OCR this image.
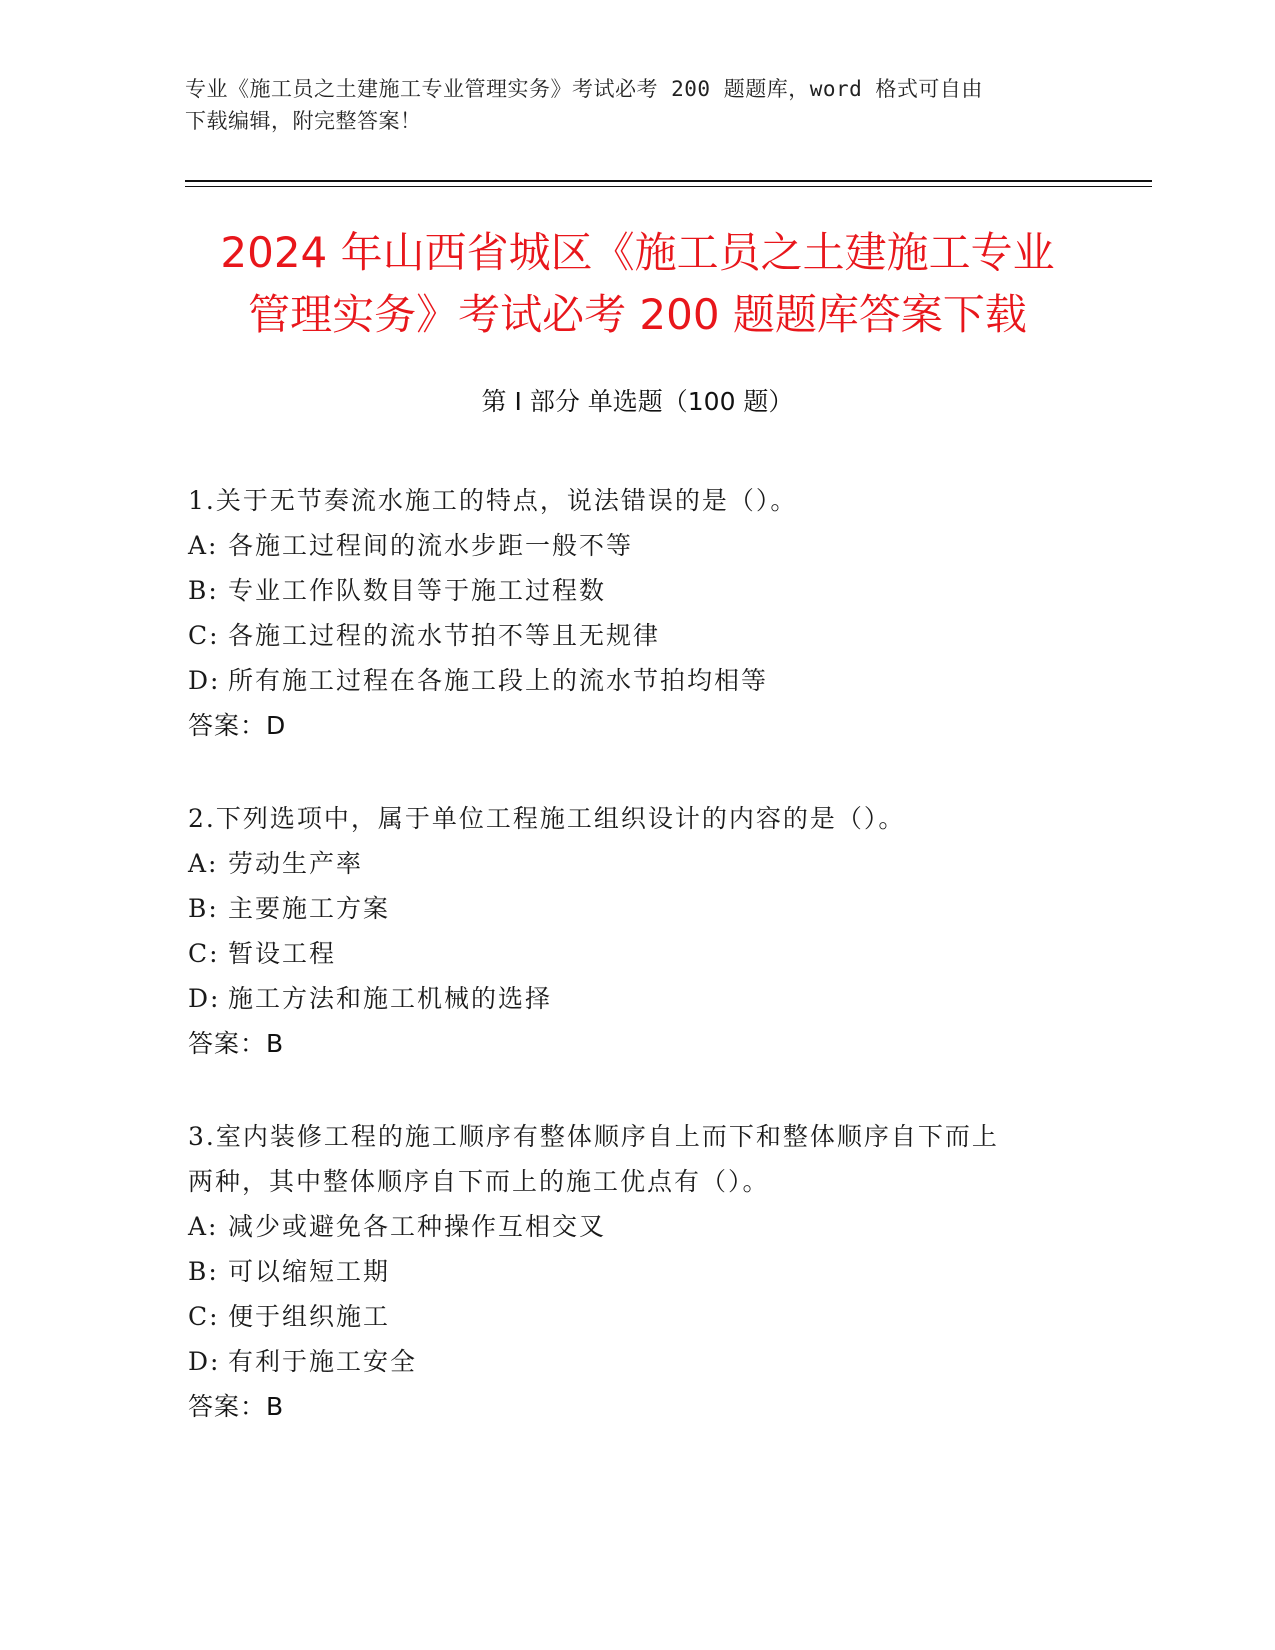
专业《施工员之土建施工专业管理实务》考试必考 200 题题库，word 格式可自由
下载编辑，附完整答案！
2024 年山西省城区《施工员之土建施工专业
管理实务》考试必考 200 题题库答案下载
第 I 部分 单选题（100 题）
1.关于无节奏流水施工的特点，说法错误的是（）。
A: 各施工过程间的流水步距一般不等
B: 专业工作队数目等于施工过程数
C: 各施工过程的流水节拍不等且无规律
D: 所有施工过程在各施工段上的流水节拍均相等
答案：D
2.下列选项中，属于单位工程施工组织设计的内容的是（）。
A: 劳动生产率
B: 主要施工方案
C: 暂设工程
D: 施工方法和施工机械的选择
答案：B
3.室内装修工程的施工顺序有整体顺序自上而下和整体顺序自下而上
两种，其中整体顺序自下而上的施工优点有（）。
A: 减少或避免各工种操作互相交叉
B: 可以缩短工期
C: 便于组织施工
D: 有利于施工安全
答案：B
